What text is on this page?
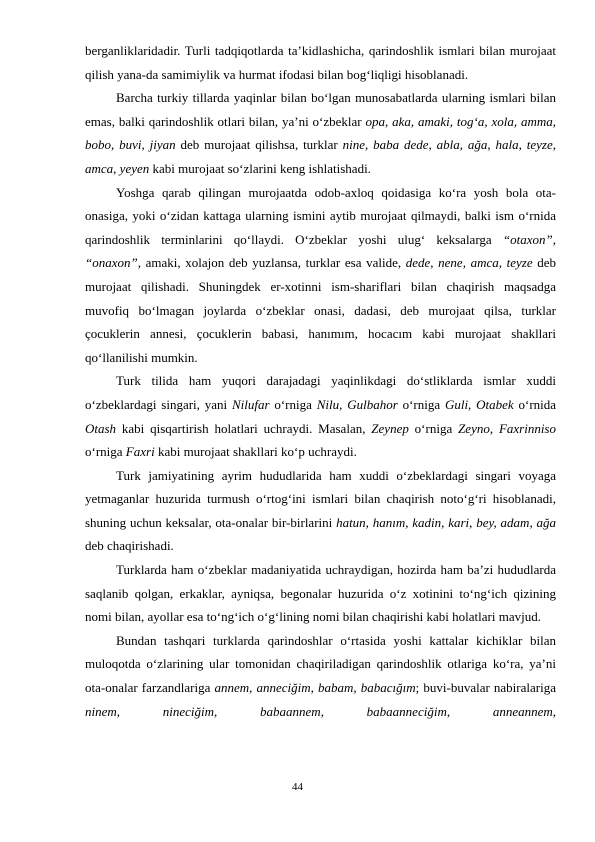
berganliklaridadir. Turli tadqiqotlarda ta’kidlashicha, qarindoshlik ismlari bilan murojaat qilish yana-da samimiylik va hurmat ifodasi bilan bog‘liqligi hisoblanadi.

Barcha turkiy tillarda yaqinlar bilan bo‘lgan munosabatlarda ularning ismlari bilan emas, balki qarindoshlik otlari bilan, ya’ni o‘zbeklar opa, aka, amaki, tog‘a, xola, amma, bobo, buvi, jiyan deb murojaat qilishsa, turklar nine, baba dede, abla, ağa, hala, teyze, amca, yeyen kabi murojaat so‘zlarini keng ishlatishadi.

Yoshga qarab qilingan murojaatda odob-axloq qoidasiga ko‘ra yosh bola ota-onasiga, yoki o‘zidan kattaga ularning ismini aytib murojaat qilmaydi, balki ism o‘rnida qarindoshlik terminlarini qo‘llaydi. O‘zbeklar yoshi ulug‘ keksalarga “otaxon”, “onaxon”, amaki, xolajon deb yuzlansa, turklar esa valide, dede, nene, amca, teyze deb murojaat qilishadi. Shuningdek er-xotinni ism-shariflari bilan chaqirish maqsadga muvofiq bo‘lmagan joylarda o‘zbeklar onasi, dadasi, deb murojaat qilsa, turklar çocuklerin annesi, çocuklerin babasi, hanımım, hocacım kabi murojaat shakllari qo‘llanilishi mumkin.

Turk tilida ham yuqori darajadagi yaqinlikdagi do‘stliklarda ismlar xuddi o‘zbeklardagi singari, yani Nilufar o‘rniga Nilu, Gulbahor o‘rniga Guli, Otabek o‘rnida Otash kabi qisqartirish holatlari uchraydi. Masalan, Zeynep o‘rniga Zeyno, Faxrinniso o‘rniga Faxri kabi murojaat shakllari ko‘p uchraydi.

Turk jamiyatining ayrim hududlarida ham xuddi o‘zbeklardagi singari voyaga yetmaganlar huzurida turmush o‘rtog‘ini ismlari bilan chaqirish noto‘g‘ri hisoblanadi, shuning uchun keksalar, ota-onalar bir-birlarini hatun, hanım, kadin, kari, bey, adam, ağa deb chaqirishadi.

Turklarda ham o‘zbeklar madaniyatida uchraydigan, hozirda ham ba’zi hududlarda saqlanib qolgan, erkaklar, ayniqsa, begonalar huzurida o‘z xotinini to‘ng‘ich qizining nomi bilan, ayollar esa to‘ng‘ich o‘g‘lining nomi bilan chaqirishi kabi holatlari mavjud.

Bundan tashqari turklarda qarindoshlar o‘rtasida yoshi kattalar kichiklar bilan muloqotda o‘zlarining ular tomonidan chaqiriladigan qarindoshlik otlariga ko‘ra, ya’ni ota-onalar farzandlariga annem, anneciğim, babam, babacığım; buvi-buvalar nabiralariga ninem, nineciğim, babaannem, babaanneciğim, anneannem,

44
